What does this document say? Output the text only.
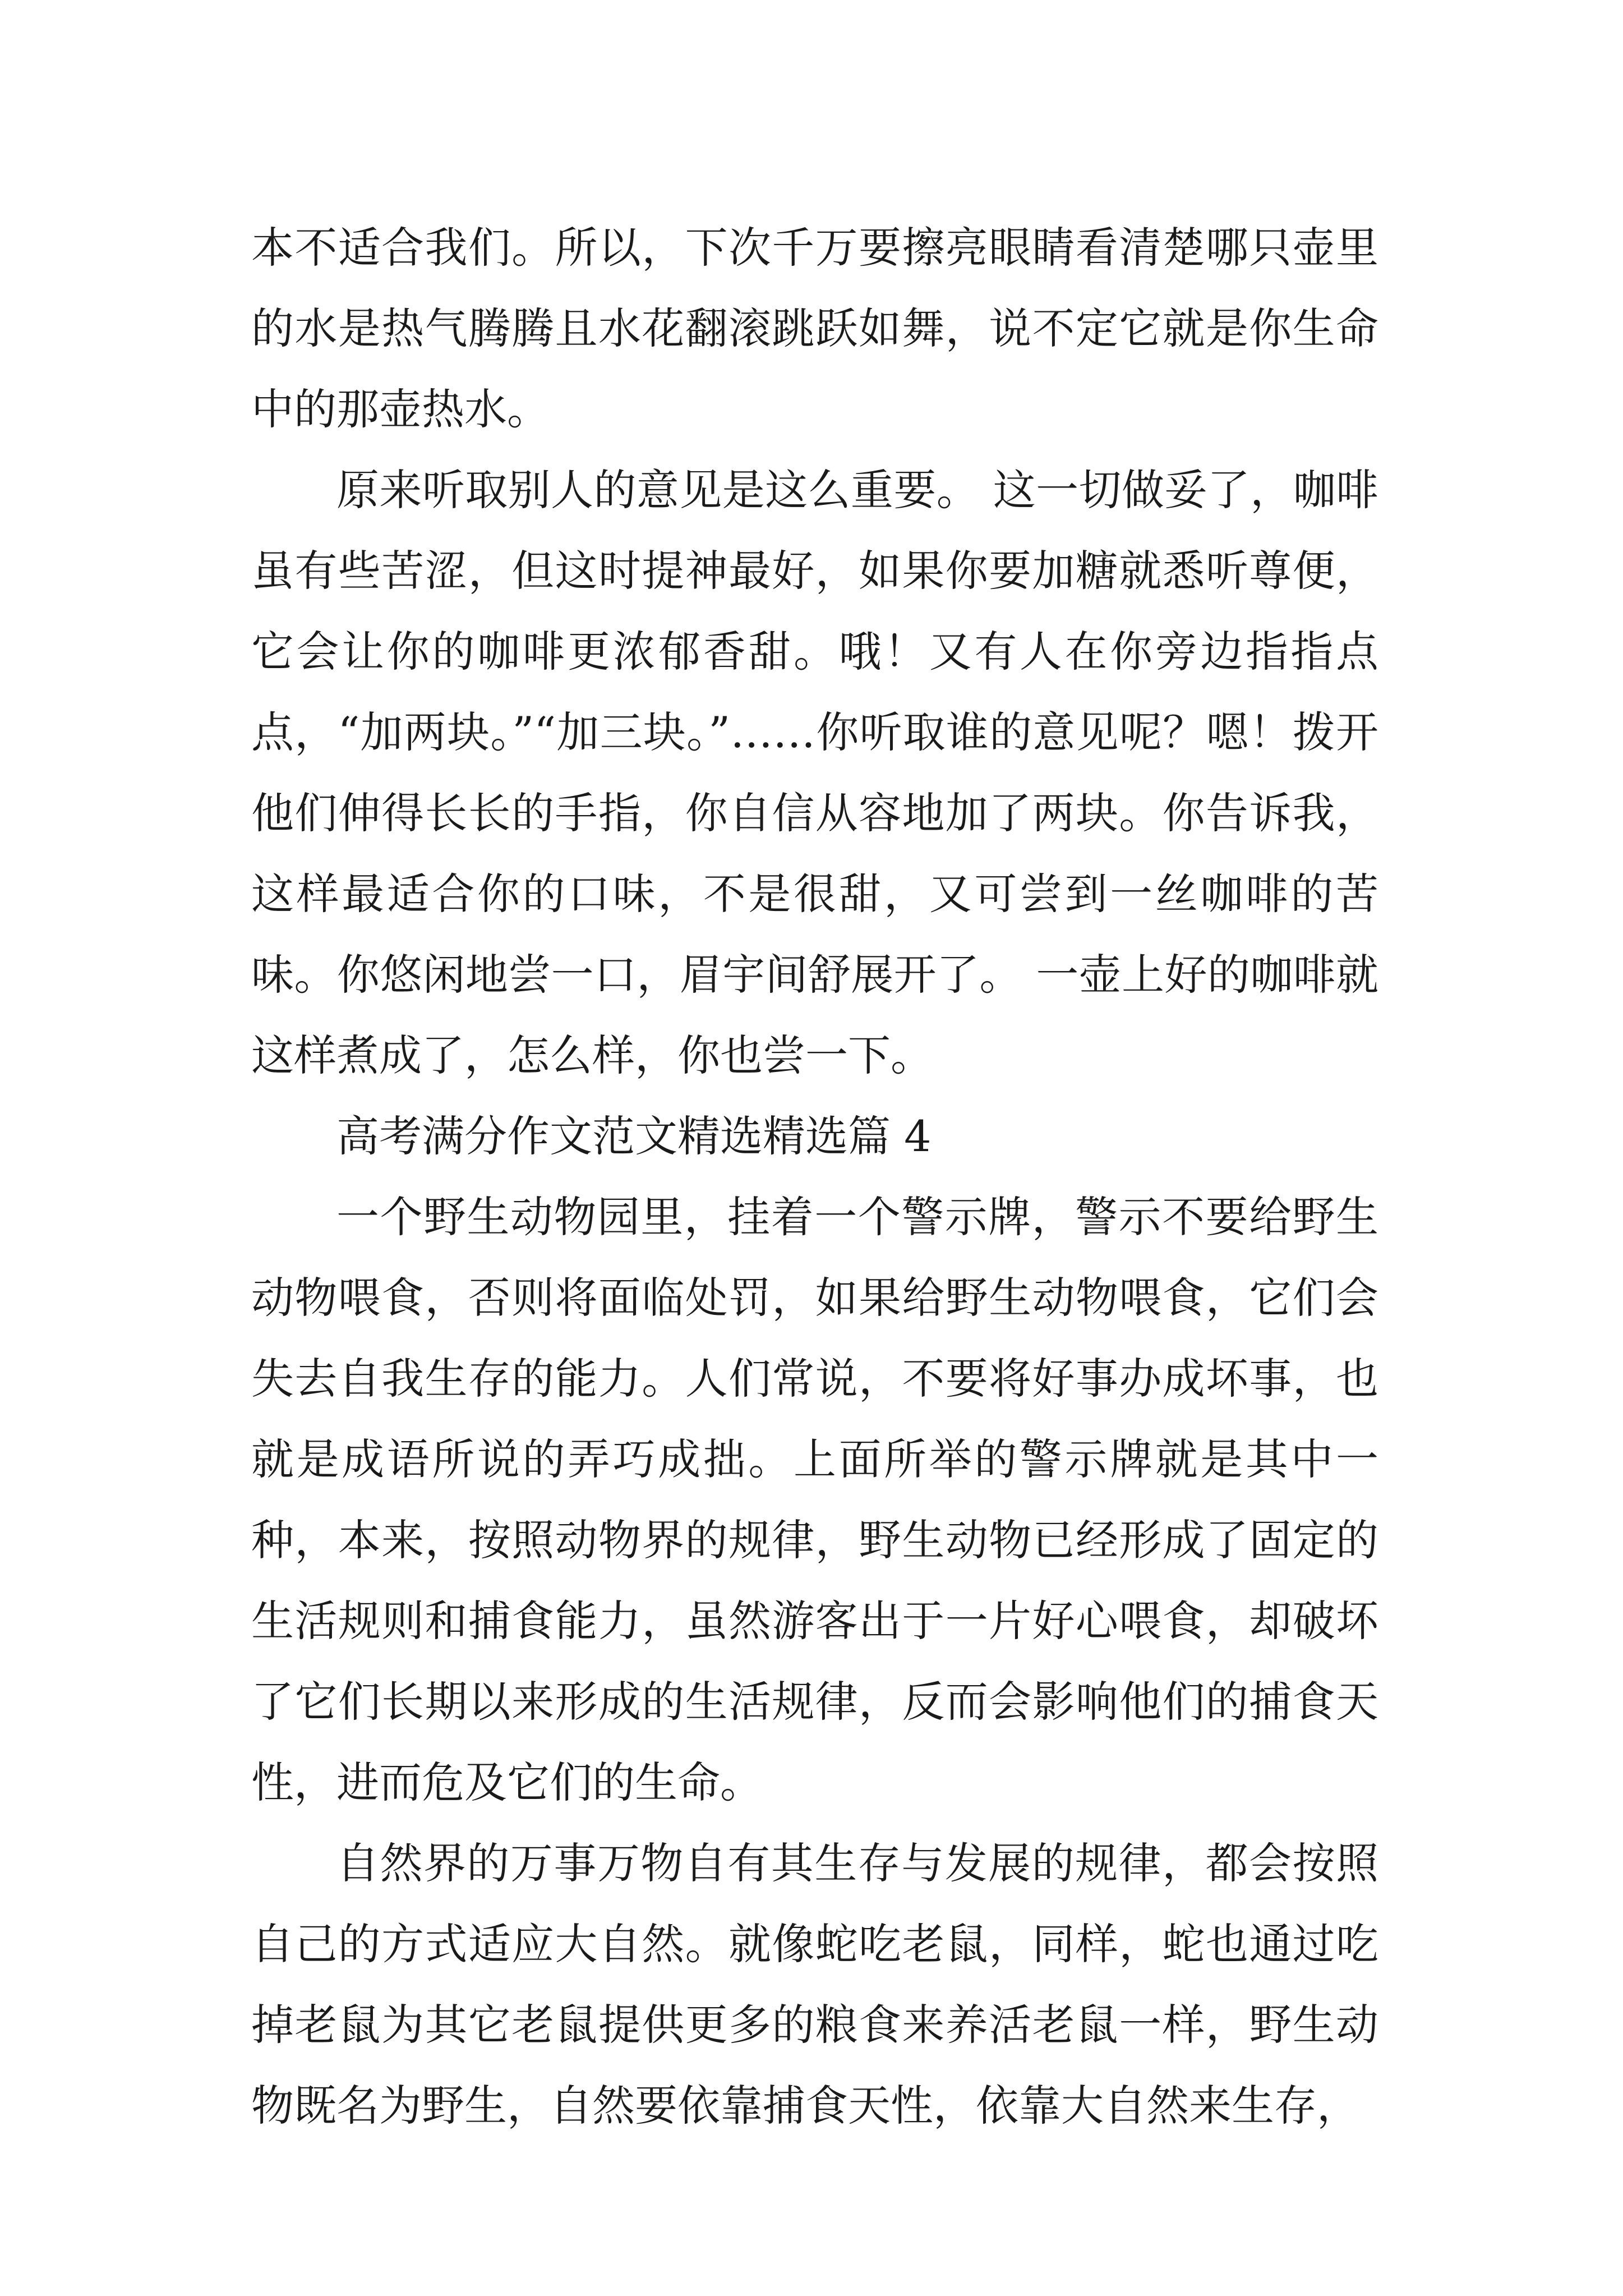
本不适合我们。所以，下次千万要擦亮眼睛看清楚哪只壶里的水是热气腾腾且水花翻滚跳跃如舞，说不定它就是你生命中的那壶热水。

原来听取别人的意见是这么重要。 这一切做妥了，咖啡虽有些苦涩，但这时提神最好，如果你要加糖就悉听尊便，它会让你的咖啡更浓郁香甜。哦！又有人在你旁边指指点点，“加两块。”“加三块。”……你听取谁的意见呢？嗯！拨开他们伸得长长的手指，你自信从容地加了两块。你告诉我，这样最适合你的口味，不是很甜，又可尝到一丝咖啡的苦味。你悠闲地尝一口，眉宇间舒展开了。 一壶上好的咖啡就这样煮成了，怎么样，你也尝一下。

高考满分作文范文精选精选篇 4

一个野生动物园里，挂着一个警示牌，警示不要给野生动物喂食，否则将面临处罚，如果给野生动物喂食，它们会失去自我生存的能力。人们常说，不要将好事办成坏事，也就是成语所说的弄巧成拙。上面所举的警示牌就是其中一种，本来，按照动物界的规律，野生动物已经形成了固定的生活规则和捕食能力，虽然游客出于一片好心喂食，却破坏了它们长期以来形成的生活规律，反而会影响他们的捕食天性，进而危及它们的生命。

自然界的万事万物自有其生存与发展的规律，都会按照自己的方式适应大自然。就像蛇吃老鼠，同样，蛇也通过吃掉老鼠为其它老鼠提供更多的粮食来养活老鼠一样，野生动物既名为野生，自然要依靠捕食天性，依靠大自然来生存，
